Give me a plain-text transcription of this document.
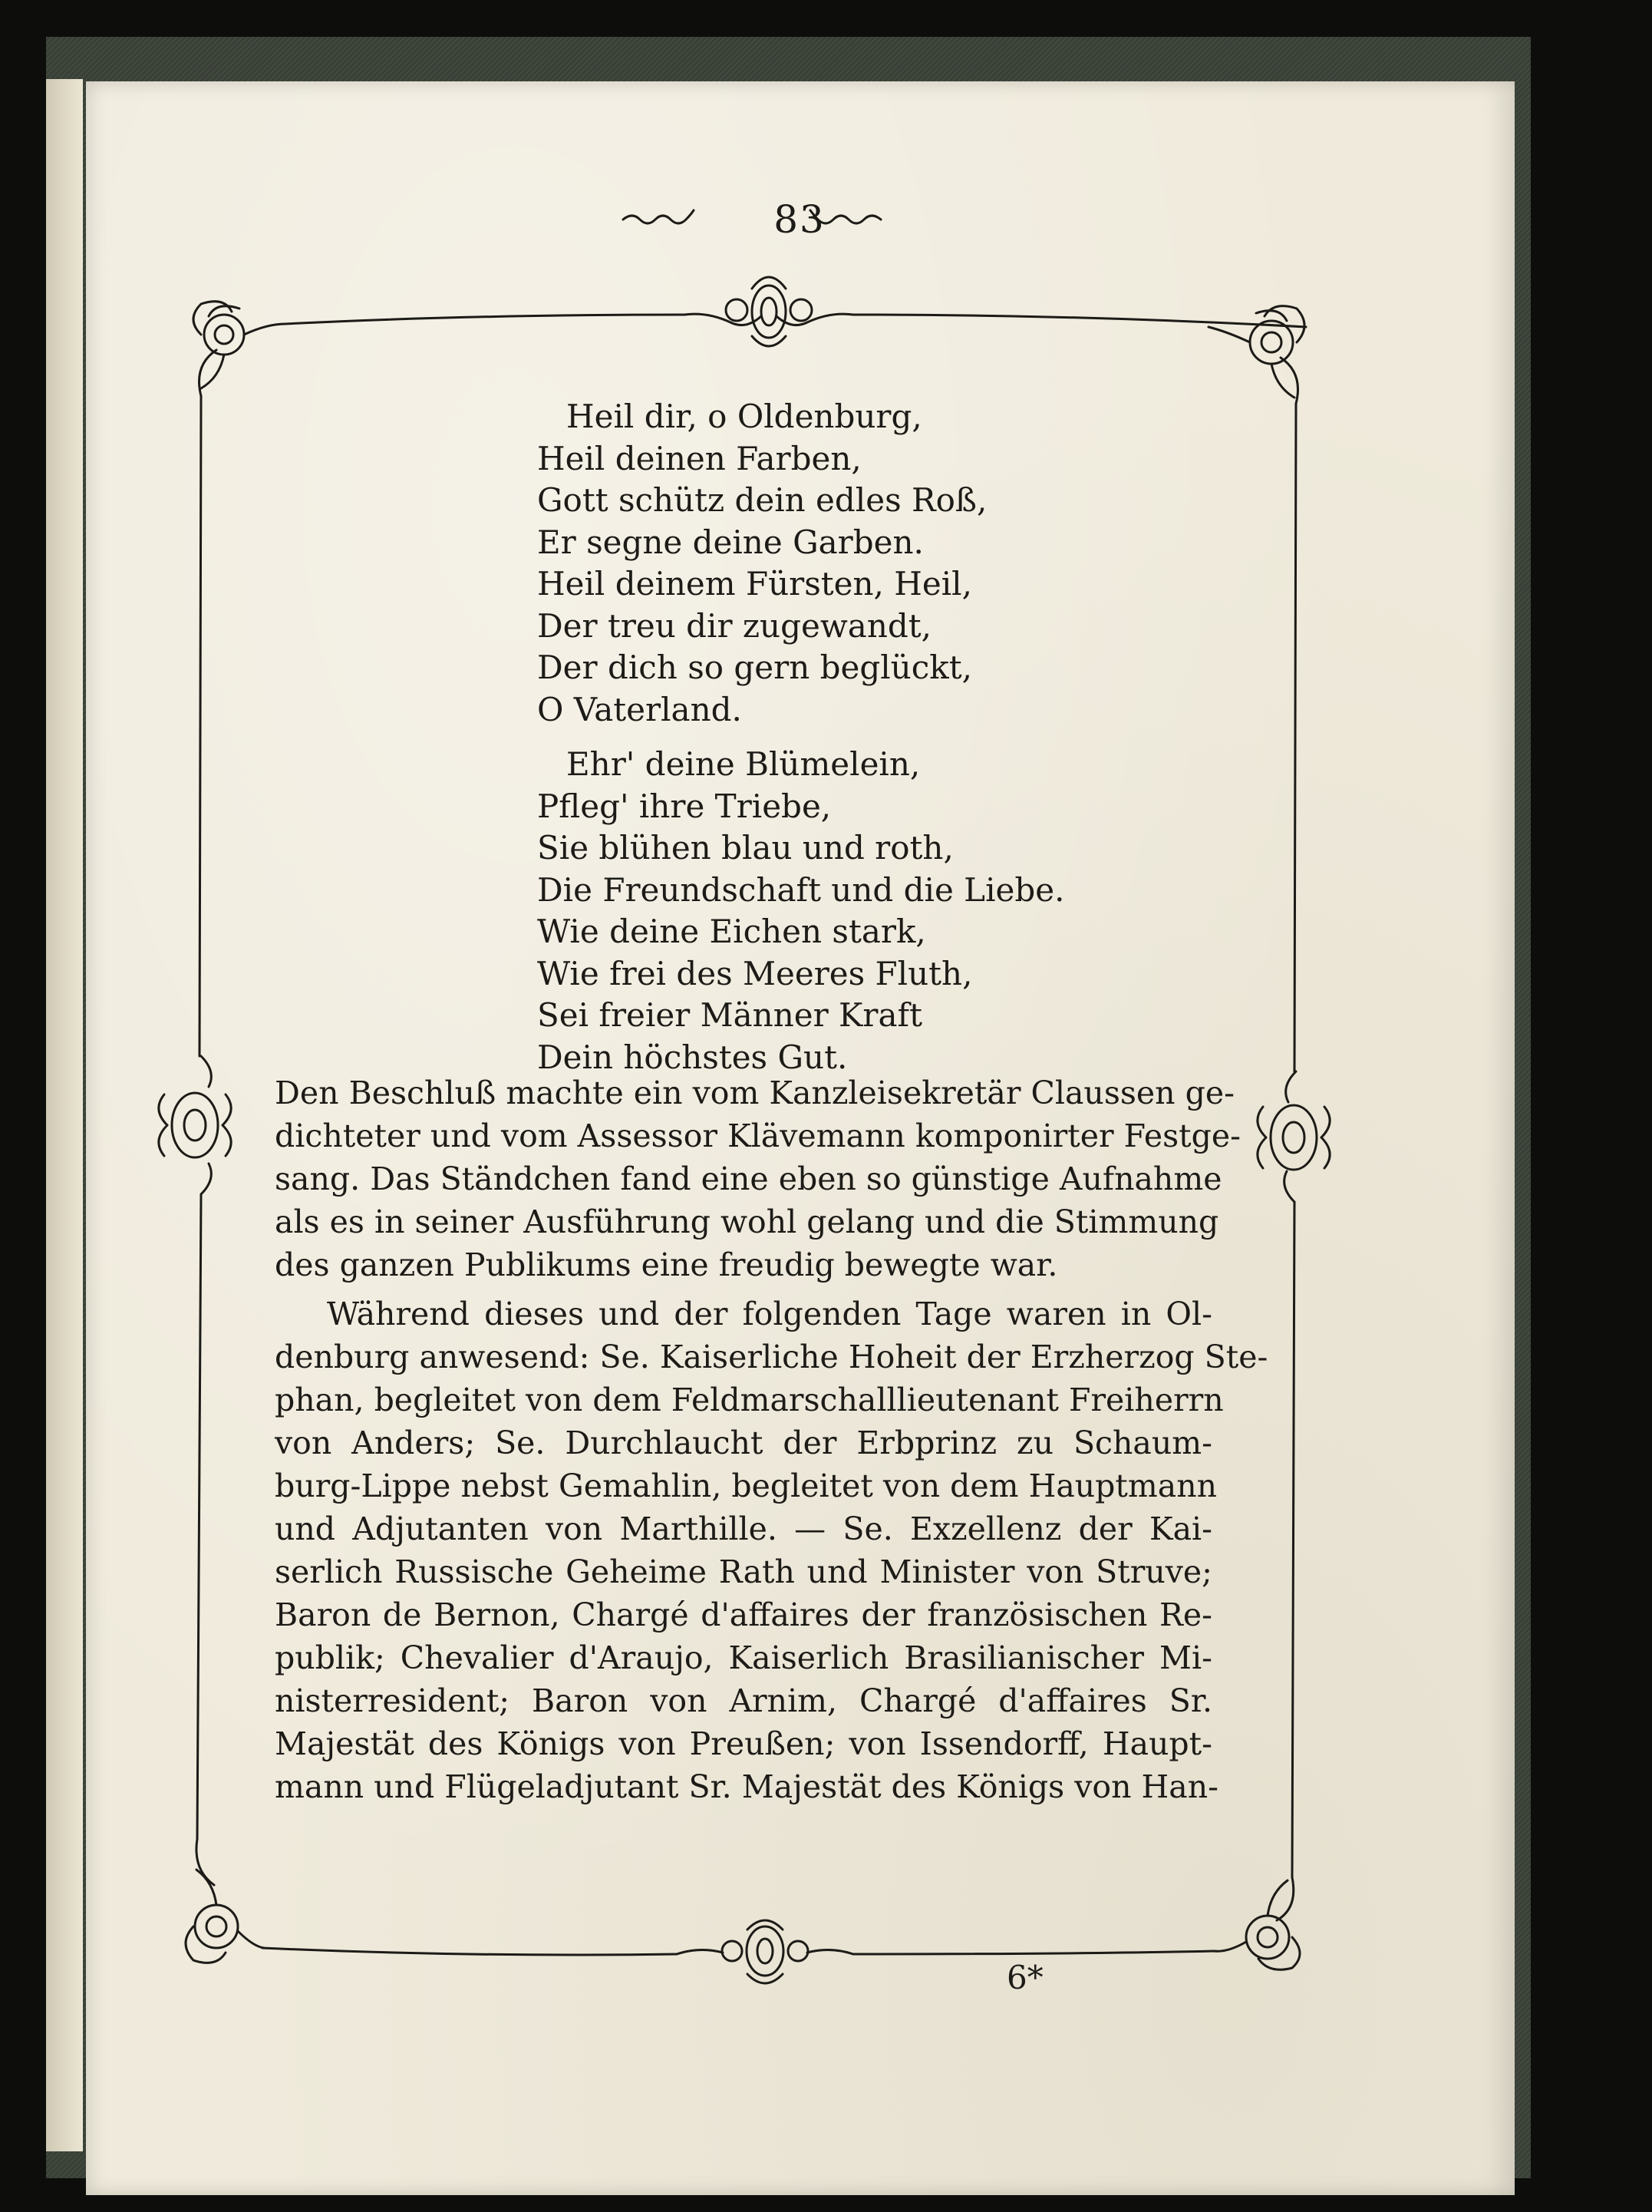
83
Heil dir, o Oldenburg,
Heil deinen Farben,
Gott schütz dein edles Roß,
Er segne deine Garben.
Heil deinem Fürsten, Heil,
Der treu dir zugewandt,
Der dich so gern beglückt,
O Vaterland.
Ehr' deine Blümelein,
Pfleg' ihre Triebe,
Sie blühen blau und roth,
Die Freundschaft und die Liebe.
Wie deine Eichen stark,
Wie frei des Meeres Fluth,
Sei freier Männer Kraft
Dein höchstes Gut.

Den Beschluß machte ein vom Kanzleisekretär Claussen ge-
dichteter und vom Assessor Klävemann komponirter Festge-
sang. Das Ständchen fand eine eben so günstige Aufnahme
als es in seiner Ausführung wohl gelang und die Stimmung
des ganzen Publikums eine freudig bewegte war.

Während dieses und der folgenden Tage waren in Ol-
denburg anwesend: Se. Kaiserliche Hoheit der Erzherzog Ste-
phan, begleitet von dem Feldmarschalllieutenant Freiherrn
von Anders; Se. Durchlaucht der Erbprinz zu Schaum-
burg-Lippe nebst Gemahlin, begleitet von dem Hauptmann
und Adjutanten von Marthille. — Se. Exzellenz der Kai-
serlich Russische Geheime Rath und Minister von Struve;
Baron de Bernon, Chargé d'affaires der französischen Re-
publik; Chevalier d'Araujo, Kaiserlich Brasilianischer Mi-
nisterresident; Baron von Arnim, Chargé d'affaires Sr.
Majestät des Königs von Preußen; von Issendorff, Haupt-
mann und Flügeladjutant Sr. Majestät des Königs von Han-

6*
